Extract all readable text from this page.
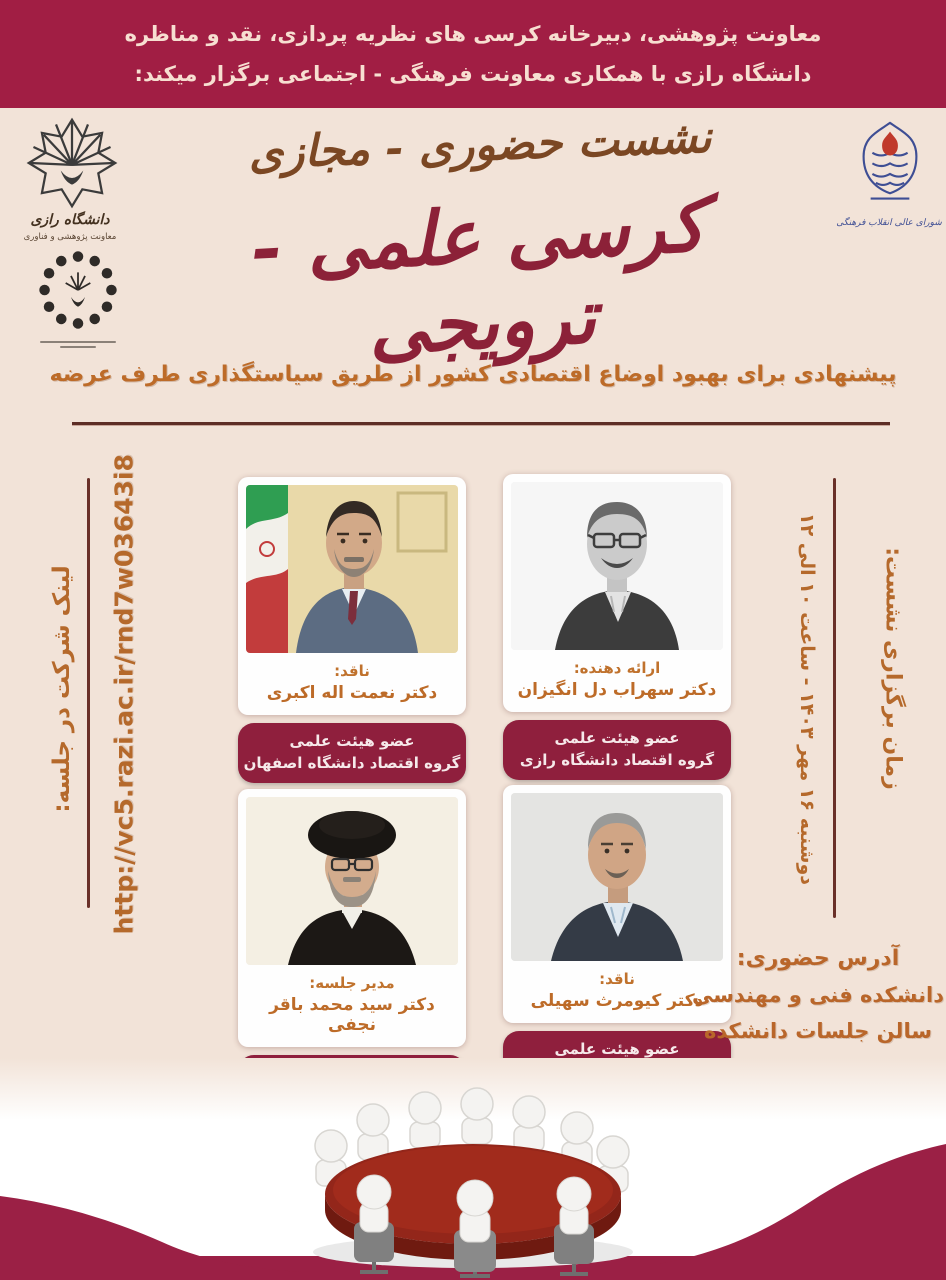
معاونت پژوهشی، دبیرخانه کرسی های نظریه پردازی، نقد و مناظره
دانشگاه رازی با همکاری معاونت فرهنگی - اجتماعی برگزار میکند:
دانشگاه رازی
معاونت پژوهشی و فناوری
شورای عالی انقلاب فرهنگی
نشست حضوری - مجازی
کرسی علمی - ترویجی
پیشنهادی برای بهبود اوضاع اقتصادی کشور از طریق سیاستگذاری طرف عرضه
لینک شرکت در جلسه: http://vc5.razi.ac.ir/rnd7w03643i8	زمان برگزاری نشست:
دوشنبه ۱۶ مهر ۱۴۰۳ - ساعت ۱۰ الی ۱۲
ناقد:
دکتر نعمت اله اکبری
عضو هیئت علمی
گروه اقتصاد دانشگاه اصفهان
ارائه دهنده:
دکتر سهراب دل انگیزان
عضو هیئت علمی
گروه اقتصاد دانشگاه رازی
مدیر جلسه:
دکتر سید محمد باقر نجفی
ناقد:
دکتر کیومرث سهیلی
عضو هیئت علمی
آدرس حضوری:
دانشکده فنی و مهندسی
سالن جلسات دانشکده
